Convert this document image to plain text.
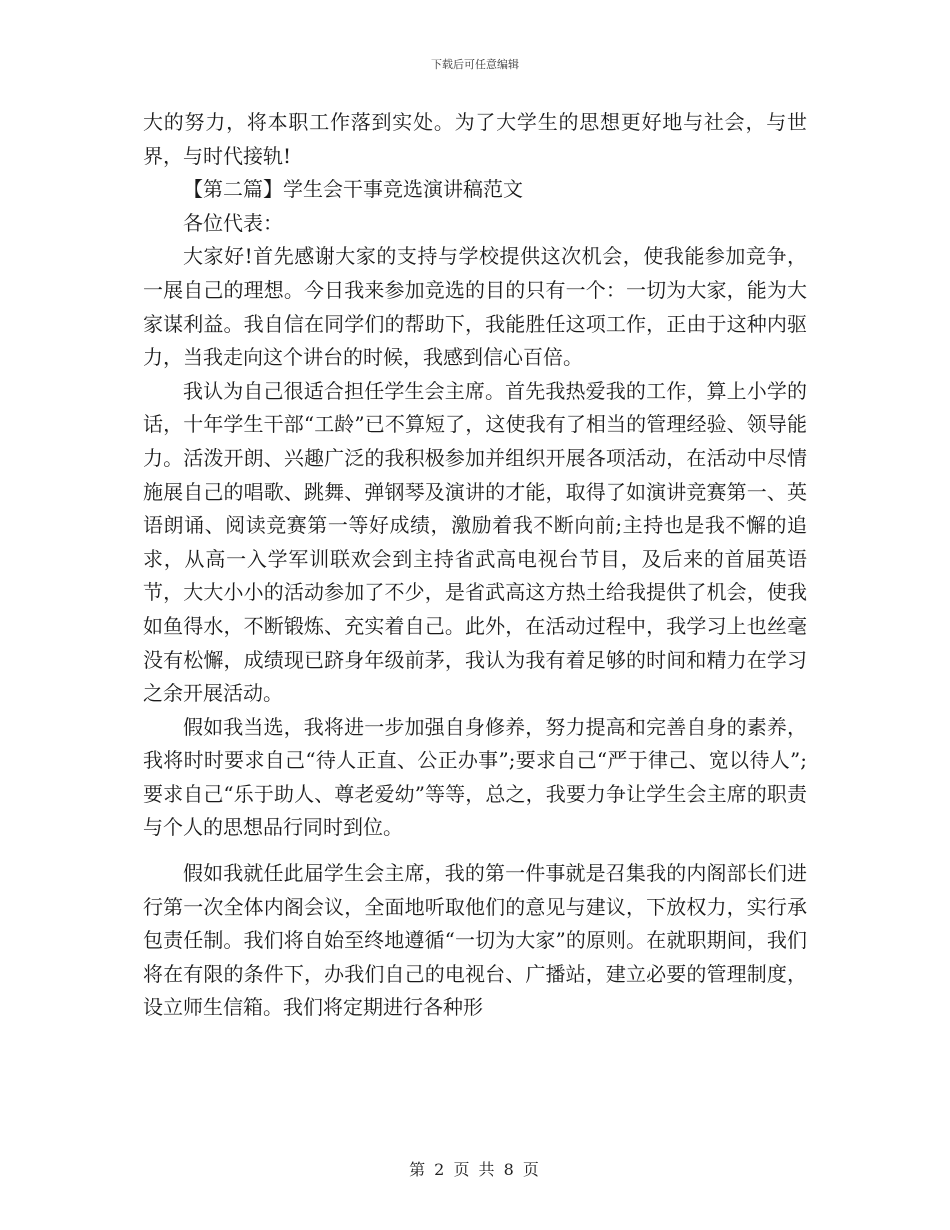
下载后可任意编辑

大的努力，将本职工作落到实处。为了大学生的思想更好地与社会，与世界，与时代接轨!

【第二篇】学生会干事竞选演讲稿范文

各位代表：

大家好!首先感谢大家的支持与学校提供这次机会，使我能参加竞争，一展自己的理想。今日我来参加竞选的目的只有一个：一切为大家，能为大家谋利益。我自信在同学们的帮助下，我能胜任这项工作，正由于这种内驱力，当我走向这个讲台的时候，我感到信心百倍。

我认为自己很适合担任学生会主席。首先我热爱我的工作，算上小学的话，十年学生干部“工龄”已不算短了，这使我有了相当的管理经验、领导能力。活泼开朗、兴趣广泛的我积极参加并组织开展各项活动，在活动中尽情施展自己的唱歌、跳舞、弹钢琴及演讲的才能，取得了如演讲竞赛第一、英语朗诵、阅读竞赛第一等好成绩，激励着我不断向前;主持也是我不懈的追求，从高一入学军训联欢会到主持省武高电视台节目，及后来的首届英语节，大大小小的活动参加了不少，是省武高这方热土给我提供了机会，使我如鱼得水，不断锻炼、充实着自己。此外，在活动过程中，我学习上也丝毫没有松懈，成绩现已跻身年级前茅，我认为我有着足够的时间和精力在学习之余开展活动。

假如我当选，我将进一步加强自身修养，努力提高和完善自身的素养，我将时时要求自己“待人正直、公正办事”;要求自己“严于律己、宽以待人”;要求自己“乐于助人、尊老爱幼”等等，总之，我要力争让学生会主席的职责与个人的思想品行同时到位。

假如我就任此届学生会主席，我的第一件事就是召集我的内阁部长们进行第一次全体内阁会议，全面地听取他们的意见与建议，下放权力，实行承包责任制。我们将自始至终地遵循“一切为大家”的原则。在就职期间，我们将在有限的条件下，办我们自己的电视台、广播站，建立必要的管理制度，设立师生信箱。我们将定期进行各种形

第 2 页 共 8 页
